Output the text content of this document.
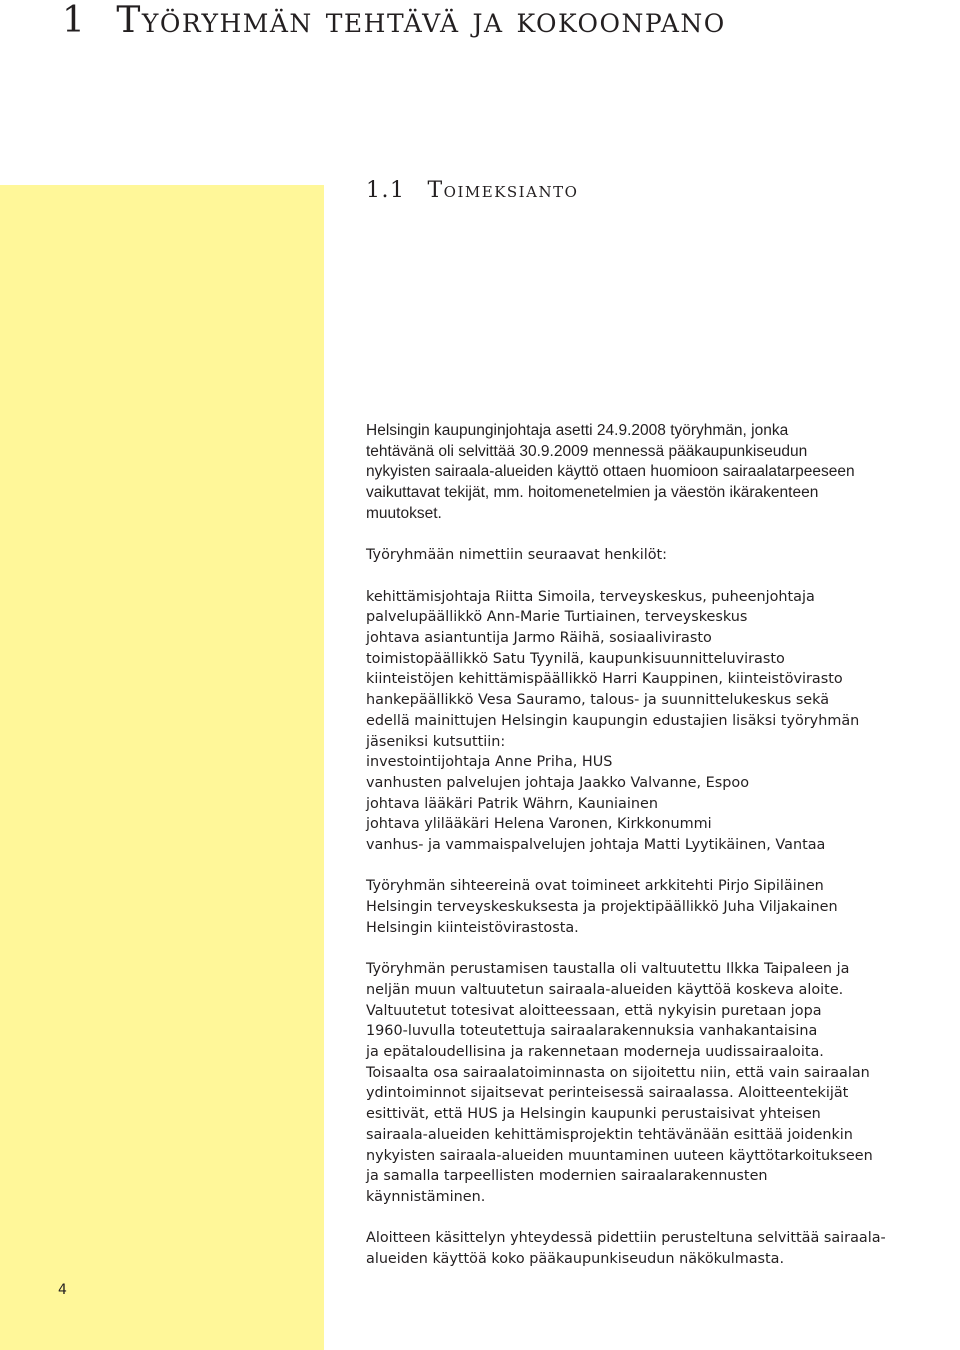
1 Työryhmän tehtävä ja kokoonpano
1.1 Toimeksianto

Helsingin kaupunginjohtaja asetti 24.9.2008 työryhmän, jonka
tehtävänä oli selvittää 30.9.2009 mennessä pääkaupunkiseudun
nykyisten sairaala-alueiden käyttö ottaen huomioon sairaalatarpeeseen
vaikuttavat tekijät, mm. hoitomenetelmien ja väestön ikärakenteen
muutokset.

Työryhmään nimettiin seuraavat henkilöt:

kehittämisjohtaja Riitta Simoila, terveyskeskus, puheenjohtaja
palvelupäällikkö Ann-Marie Turtiainen, terveyskeskus
johtava asiantuntija Jarmo Räihä, sosiaalivirasto
toimistopäällikkö Satu Tyynilä, kaupunkisuunnitteluvirasto
kiinteistöjen kehittämispäällikkö Harri Kauppinen, kiinteistövirasto
hankepäällikkö Vesa Sauramo, talous- ja suunnittelukeskus sekä
edellä mainittujen Helsingin kaupungin edustajien lisäksi työryhmän
jäseniksi kutsuttiin:
investointijohtaja Anne Priha, HUS
vanhusten palvelujen johtaja Jaakko Valvanne, Espoo
johtava lääkäri Patrik Währn, Kauniainen
johtava ylilääkäri Helena Varonen, Kirkkonummi
vanhus- ja vammaispalvelujen johtaja Matti Lyytikäinen, Vantaa

Työryhmän sihteereinä ovat toimineet arkkitehti Pirjo Sipiläinen
Helsingin terveyskeskuksesta ja projektipäällikkö Juha Viljakainen
Helsingin kiinteistövirastosta.

Työryhmän perustamisen taustalla oli valtuutettu Ilkka Taipaleen ja
neljän muun valtuutetun sairaala-alueiden käyttöä koskeva aloite.
Valtuutetut totesivat aloitteessaan, että nykyisin puretaan jopa
1960-luvulla toteutettuja sairaalarakennuksia vanhakantaisina
ja epätaloudellisina ja rakennetaan moderneja uudissairaaloita.
Toisaalta osa sairaalatoiminnasta on sijoitettu niin, että vain sairaalan
ydintoiminnot sijaitsevat perinteisessä sairaalassa. Aloitteentekijät
esittivät, että HUS ja Helsingin kaupunki perustaisivat yhteisen
sairaala-alueiden kehittämisprojektin tehtävänään esittää joidenkin
nykyisten sairaala-alueiden muuntaminen uuteen käyttötarkoitukseen
ja samalla tarpeellisten modernien sairaalarakennusten
käynnistäminen.

Aloitteen käsittelyn yhteydessä pidettiin perusteltuna selvittää sairaala-
alueiden käyttöä koko pääkaupunkiseudun näkökulmasta.

4
